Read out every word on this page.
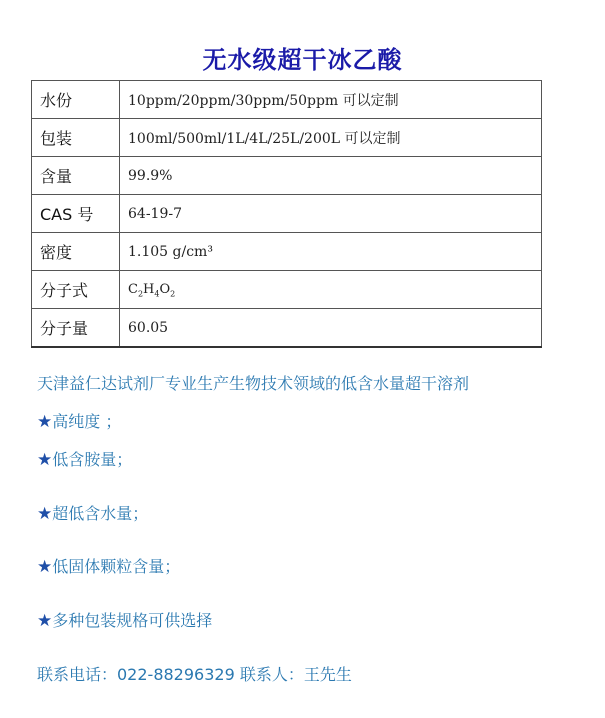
无水级超干冰乙酸
水份	10ppm/20ppm/30ppm/50ppm 可以定制
包装	100ml/500ml/1L/4L/25L/200L 可以定制
含量	99.9%
CAS 号	64-19-7
密度	1.105 g/cm³
分子式	$C_2H_4O_2$
分子量	60.05
天津益仁达试剂厂专业生产生物技术领域的低含水量超干溶剂
★高纯度 ；
★低含胺量；
★超低含水量；
★低固体颗粒含量；
★多种包装规格可供选择
联系电话：022-88296329 联系人：王先生
